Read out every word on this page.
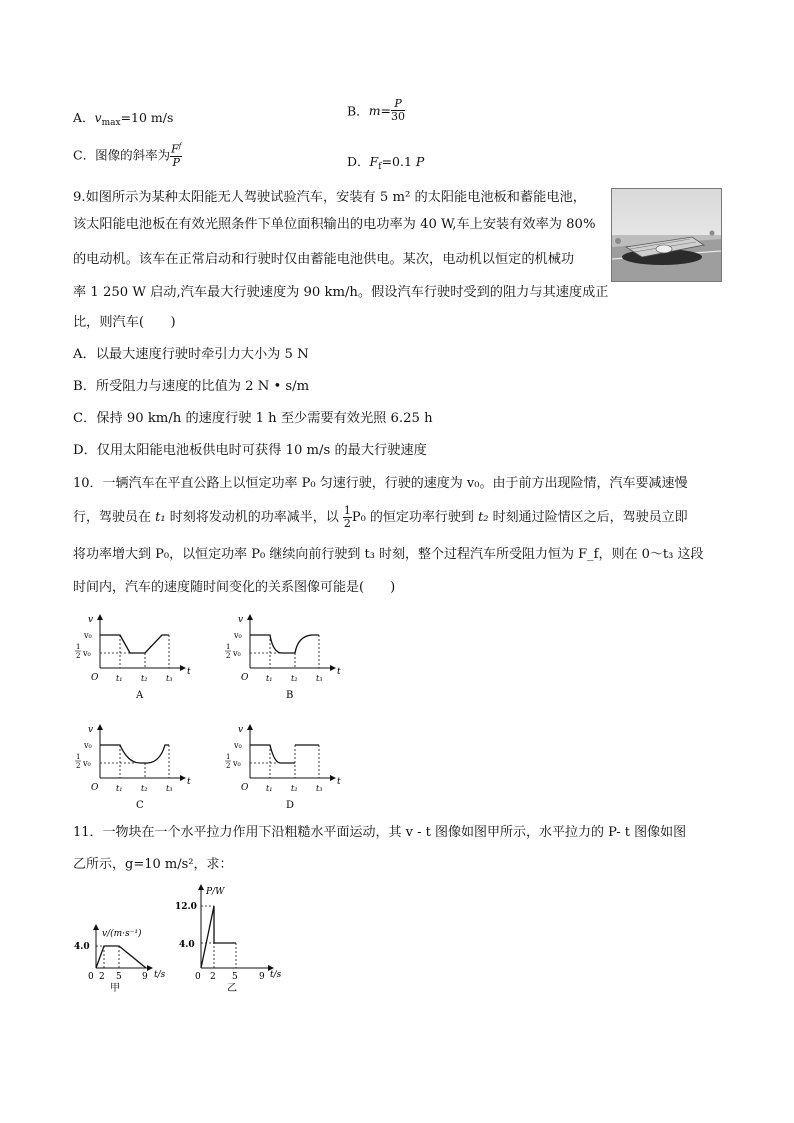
A．$v_{max}=10$ m/s	B．$m= \frac{P}{30}$
C．图像的斜率为 $\frac{F^f}{P}$	D．$F_f=0.1$ P
9.如图所示为某种太阳能无人驾驶试验汽车，安装有 5 m² 的太阳能电池板和蓄能电池，
该太阳能电池板在有效光照条件下单位面积输出的电功率为 40 W,车上安装有效率为 80%
的电动机。该车在正常启动和行驶时仅由蓄能电池供电。某次，电动机以恒定的机械功
率 1 250 W 启动,汽车最大行驶速度为 90 km/h。假设汽车行驶时受到的阻力与其速度成正
比，则汽车(　　)
A．以最大速度行驶时牵引力大小为 5 N
B．所受阻力与速度的比值为 2 N • s/m
C．保持 90 km/h 的速度行驶 1 h 至少需要有效光照 6.25 h
D．仅用太阳能电池板供电时可获得 10 m/s 的最大行驶速度
10．一辆汽车在平直公路上以恒定功率 P₀ 匀速行驶，行驶的速度为 v₀。由于前方出现险情，汽车要减速慢
行，驾驶员在 t₁ 时刻将发动机的功率减半，以 $\frac{1}{2} P_0$ 的恒定功率行驶到 t₂ 时刻通过险情区之后，驾驶员立即
将功率增大到 P₀，以恒定功率 P₀ 继续向前行驶到 t₃ 时刻，整个过程汽车所受阻力恒为 F_f，则在 0～t₃ 这段
时间内，汽车的速度随时间变化的关系图像可能是(　　)
v
v₀
1
2 v₀
O t₁ t₂ t₃
t
A
v
v₀
1
2 v₀
O t₁ t₂ t₃
t
B
v
v₀
1
2 v₀
O t₁ t₂ t₃
t
C
v
v₀
1
2 v₀
O t₁ t₂ t₃
t
D
11．一物块在一个水平拉力作用下沿粗糙水平面运动，其 v - t 图像如图甲所示，水平拉力的 P- t 图像如图
乙所示，g=10 m/s²，求：
v/(m·s⁻¹)
4.0
0 2 5 9 t/s
甲
P/W
12.0
4.0
0 2 5 9 t/s
乙
